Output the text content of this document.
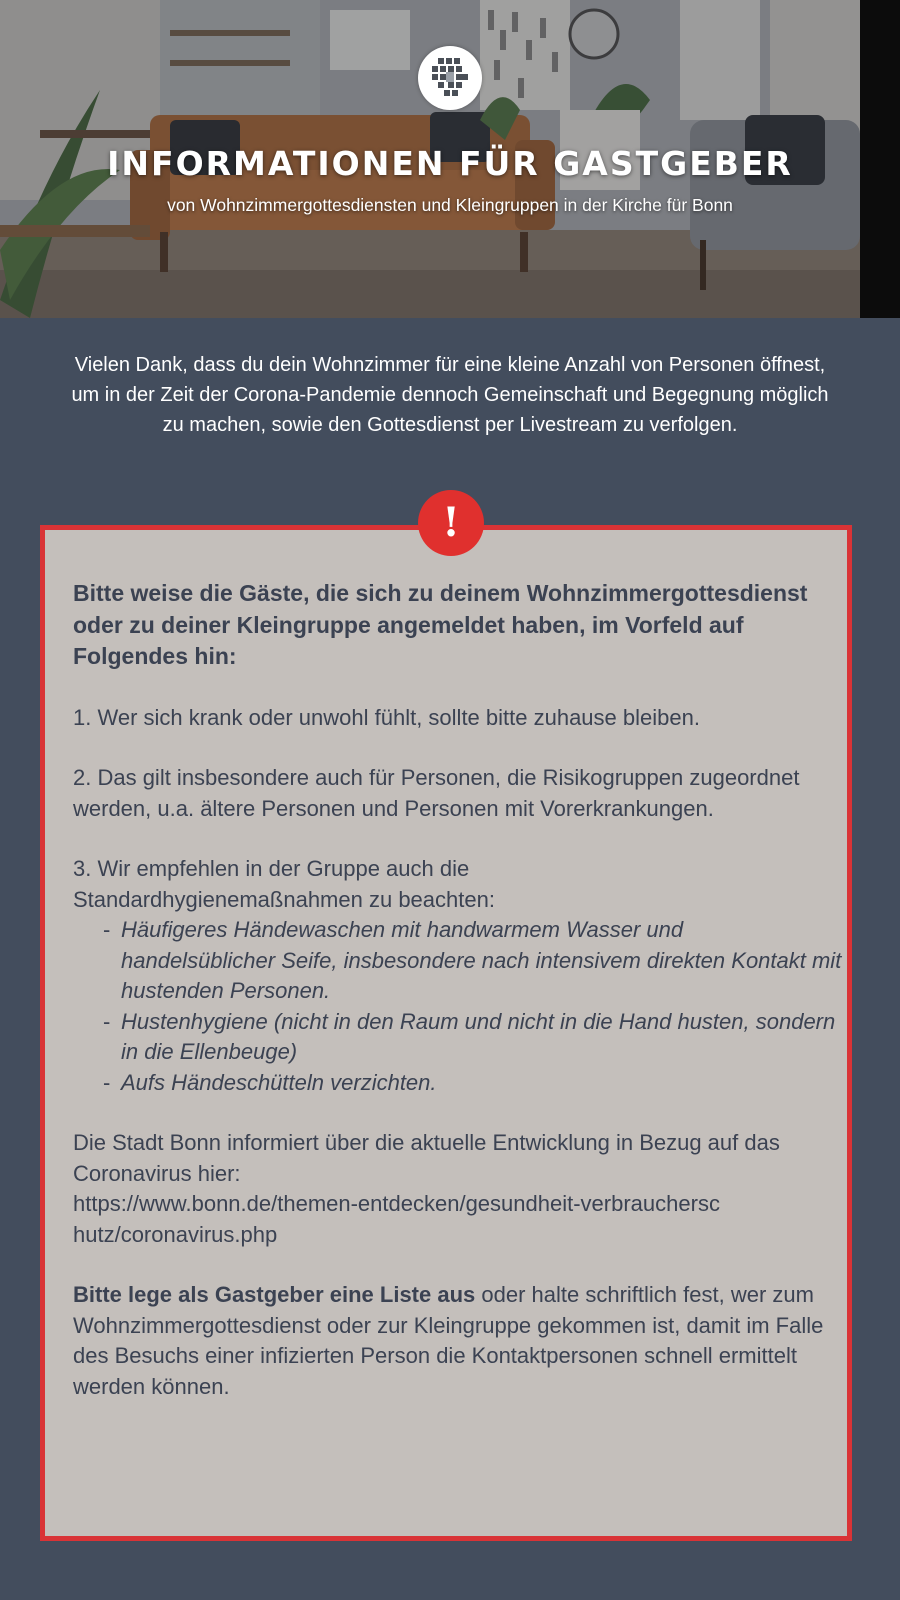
INFORMATIONEN FÜR GASTGEBER
von Wohnzimmergottesdiensten und Kleingruppen in der Kirche für Bonn
Vielen Dank, dass du dein Wohnzimmer für eine kleine Anzahl von Personen öffnest, um in der Zeit der Corona-Pandemie dennoch Gemeinschaft und Begegnung möglich zu machen, sowie den Gottesdienst per Livestream zu verfolgen.
!

Bitte weise die Gäste, die sich zu deinem Wohnzimmergottesdienst oder zu deiner Kleingruppe angemeldet haben, im Vorfeld auf Folgendes hin:

1. Wer sich krank oder unwohl fühlt, sollte bitte zuhause bleiben.

2. Das gilt insbesondere auch für Personen, die Risikogruppen zugeordnet werden, u.a. ältere Personen und Personen mit Vorerkrankungen.

3. Wir empfehlen in der Gruppe auch die

Standardhygienemaßnahmen zu beachten:

- Häufigeres Händewaschen mit handwarmem Wasser und handelsüblicher Seife, insbesondere nach intensivem direkten Kontakt mit hustenden Personen.
- Hustenhygiene (nicht in den Raum und nicht in die Hand husten, sondern in die Ellenbeuge)
- Aufs Händeschütteln verzichten.

Die Stadt Bonn informiert über die aktuelle Entwicklung in Bezug auf das Coronavirus hier:

https://www.bonn.de/themen-entdecken/gesundheit-verbrauchersc

hutz/coronavirus.php

Bitte lege als Gastgeber eine Liste aus oder halte schriftlich fest, wer zum Wohnzimmergottesdienst oder zur Kleingruppe gekommen ist, damit im Falle des Besuchs einer infizierten Person die Kontaktpersonen schnell ermittelt werden können.
